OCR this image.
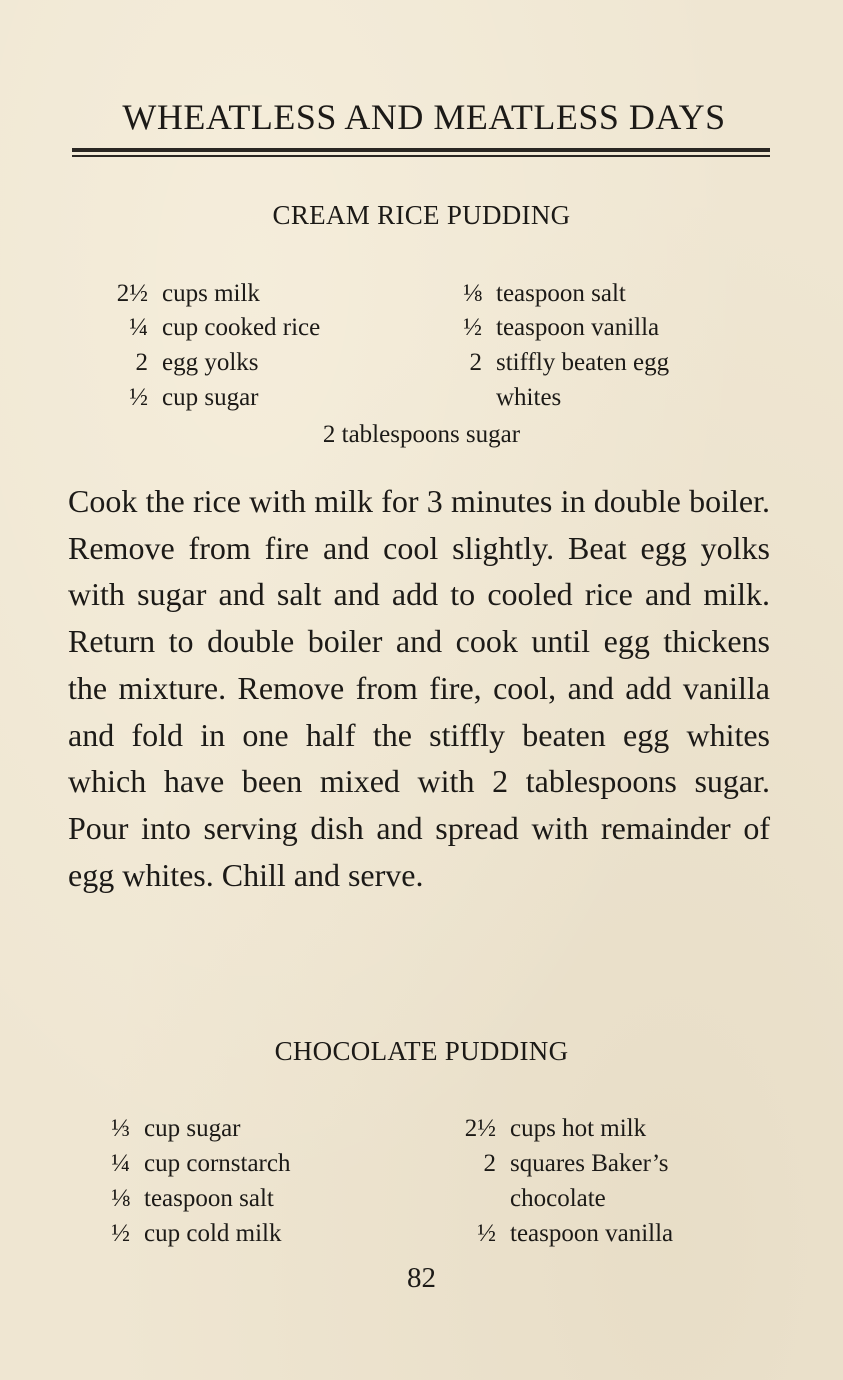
WHEATLESS AND MEATLESS DAYS
CREAM RICE PUDDING
2½ cups milk
¼ cup cooked rice
2 egg yolks
½ cup sugar
⅛ teaspoon salt
½ teaspoon vanilla
2 stiffly beaten egg
whites
2 tablespoons sugar
Cook the rice with milk for 3 minutes in double boiler. Remove from fire and cool slightly. Beat egg yolks with sugar and salt and add to cooled rice and milk. Return to double boiler and cook until egg thickens the mixture. Remove from fire, cool, and add vanilla and fold in one half the stiffly beaten egg whites which have been mixed with 2 tablespoons sugar. Pour into serving dish and spread with remainder of egg whites. Chill and serve.
CHOCOLATE PUDDING
⅓ cup sugar
¼ cup cornstarch
⅛ teaspoon salt
½ cup cold milk
2½ cups hot milk
2 squares Baker’s
chocolate
½ teaspoon vanilla
82
